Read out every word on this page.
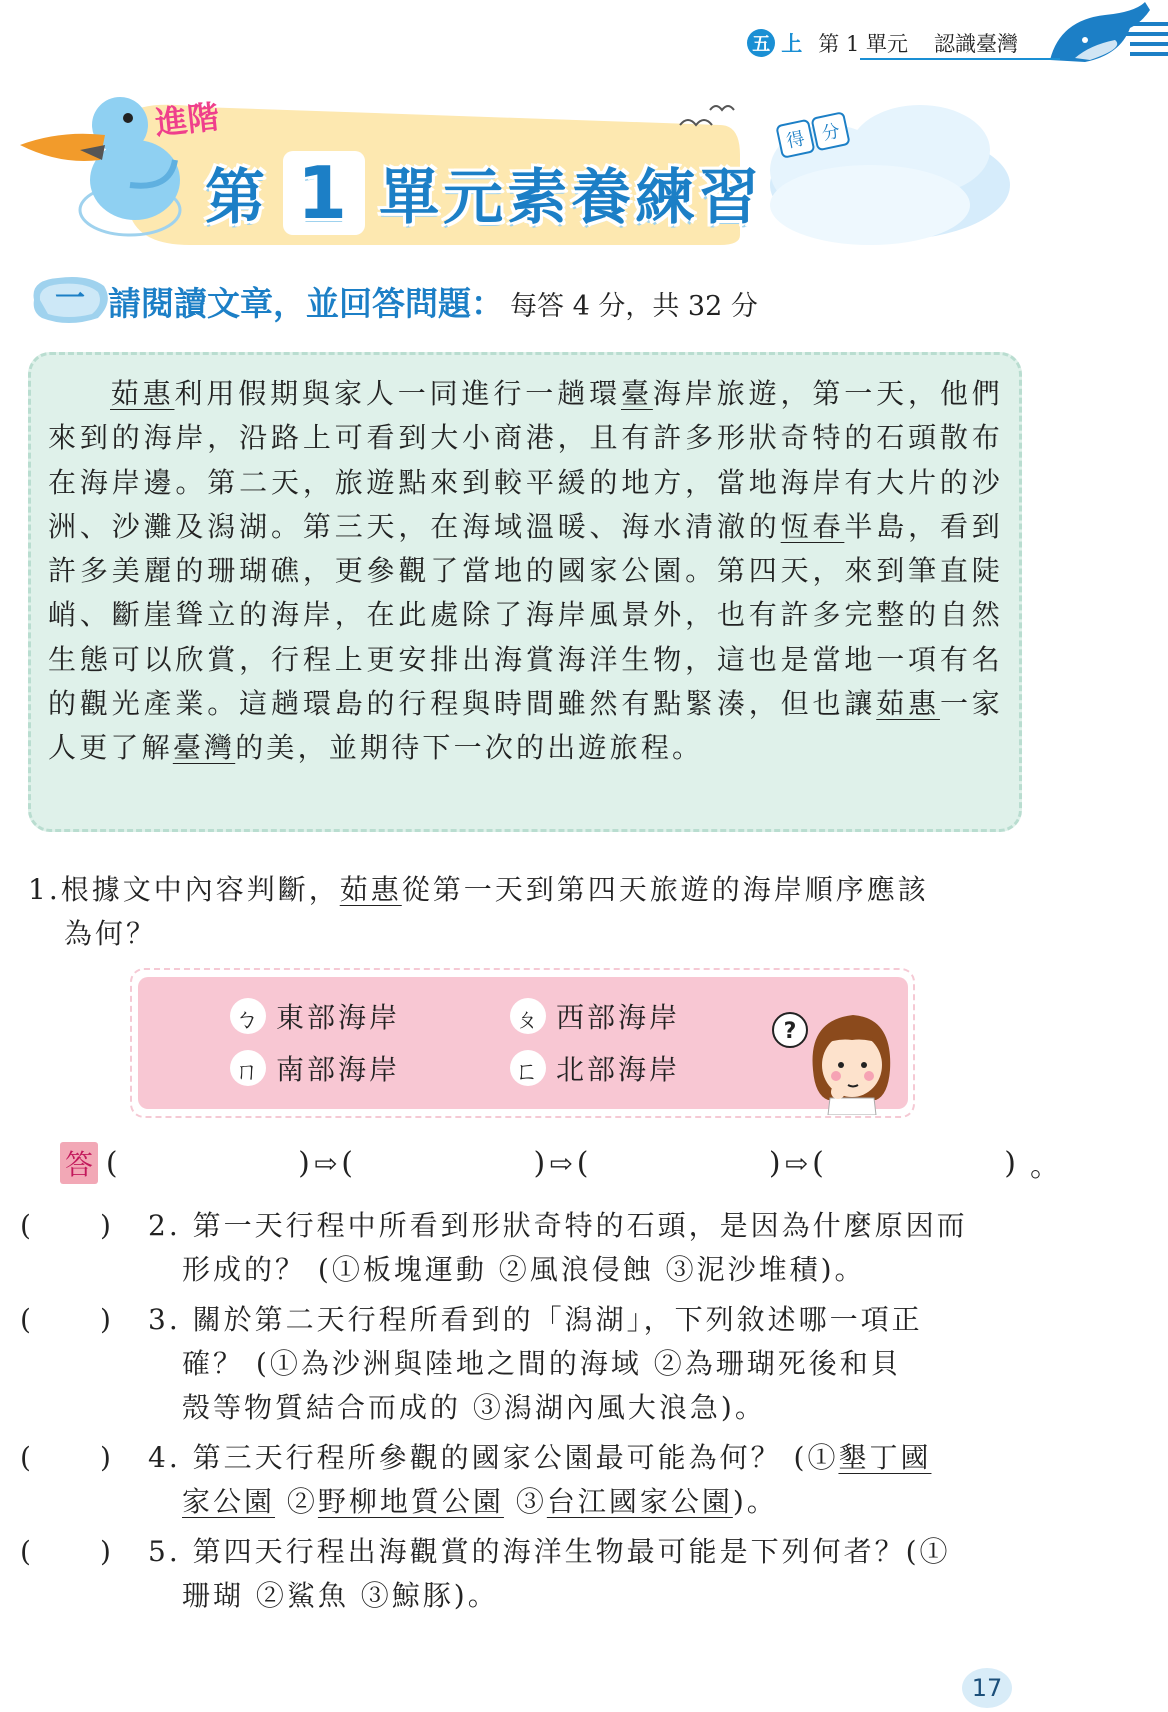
五 上 第 1 單元 認識臺灣
進階
第 1 單元素養練習
得 分
一 請閱讀文章，並回答問題： 每答 4 分，共 32 分
茹惠利用假期與家人一同進行一趟環臺海岸旅遊，第一天，他們來到的海岸，沿路上可看到大小商港，且有許多形狀奇特的石頭散布在海岸邊。第二天，旅遊點來到較平緩的地方，當地海岸有大片的沙洲、沙灘及潟湖。第三天，在海域溫暖、海水清澈的恆春半島，看到許多美麗的珊瑚礁，更參觀了當地的國家公園。第四天，來到筆直陡峭、斷崖聳立的海岸，在此處除了海岸風景外，也有許多完整的自然生態可以欣賞，行程上更安排出海賞海洋生物，這也是當地一項有名的觀光產業。這趟環島的行程與時間雖然有點緊湊，但也讓茹惠一家人更了解臺灣的美，並期待下一次的出遊旅程。
1.根據文中內容判斷，茹惠從第一天到第四天旅遊的海岸順序應該
為何？
ㄅ 東部海岸	ㄆ 西部海岸
ㄇ 南部海岸	ㄈ 北部海岸
?
答 (	) ⇨ (	) ⇨ (	) ⇨ (	) 。
( ) 2. 第一天行程中所看到形狀奇特的石頭，是因為什麼原因而
形成的？ (①板塊運動 ②風浪侵蝕 ③泥沙堆積)。
( ) 3. 關於第二天行程所看到的「潟湖」，下列敘述哪一項正
確？ (①為沙洲與陸地之間的海域 ②為珊瑚死後和貝
殼等物質結合而成的 ③潟湖內風大浪急)。
( ) 4. 第三天行程所參觀的國家公園最可能為何？ (①墾丁國
家公園 ②野柳地質公園 ③台江國家公園)。
( ) 5. 第四天行程出海觀賞的海洋生物最可能是下列何者？(①
珊瑚 ②鯊魚 ③鯨豚)。
17
